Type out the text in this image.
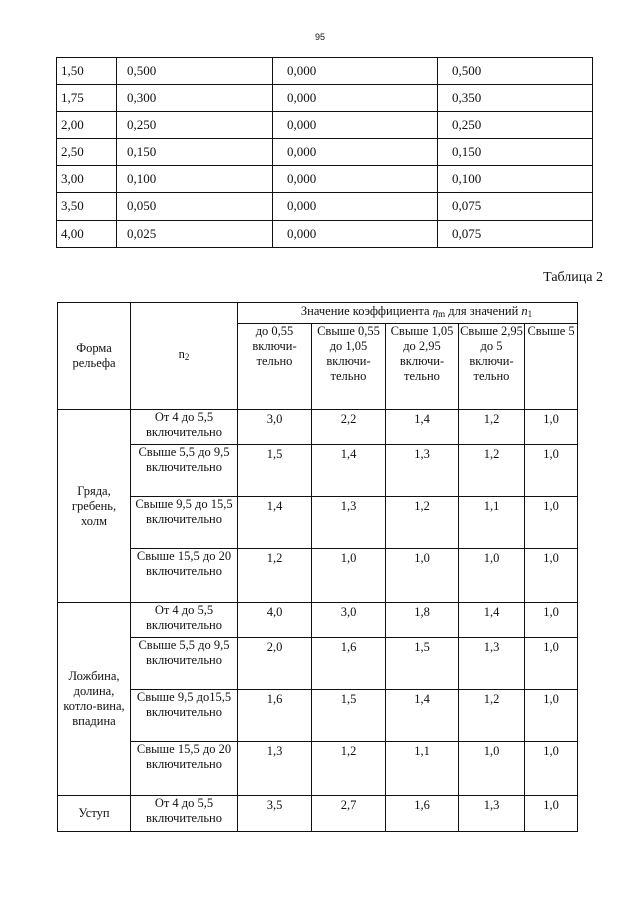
95
1,50	0,500	0,000	0,500
1,75	0,300	0,000	0,350
2,00	0,250	0,000	0,250
2,50	0,150	0,000	0,150
3,00	0,100	0,000	0,100
3,50	0,050	0,000	0,075
4,00	0,025	0,000	0,075
Таблица 2
Форма рельефа	$n_2$	Значение коэффициента $\eta_m$ для значений $n_1$
		до 0,55 включи-тельно	Свыше 0,55 до 1,05 включи-тельно	Свыше 1,05 до 2,95 включи-тельно	Свыше 2,95 до 5 включи-тельно	Свыше 5
Гряда, гребень, холм	От 4 до 5,5 включительно	3,0	2,2	1,4	1,2	1,0
	Свыше 5,5 до 9,5 включительно	1,5	1,4	1,3	1,2	1,0
	Свыше 9,5 до 15,5 включительно	1,4	1,3	1,2	1,1	1,0
	Свыше 15,5 до 20 включительно	1,2	1,0	1,0	1,0	1,0
Ложбина, долина, котло-вина, впадина	От 4 до 5,5 включительно	4,0	3,0	1,8	1,4	1,0
	Свыше 5,5 до 9,5 включительно	2,0	1,6	1,5	1,3	1,0
	Свыше 9,5 до15,5 включительно	1,6	1,5	1,4	1,2	1,0
	Свыше 15,5 до 20 включительно	1,3	1,2	1,1	1,0	1,0
Уступ	От 4 до 5,5 включительно	3,5	2,7	1,6	1,3	1,0
